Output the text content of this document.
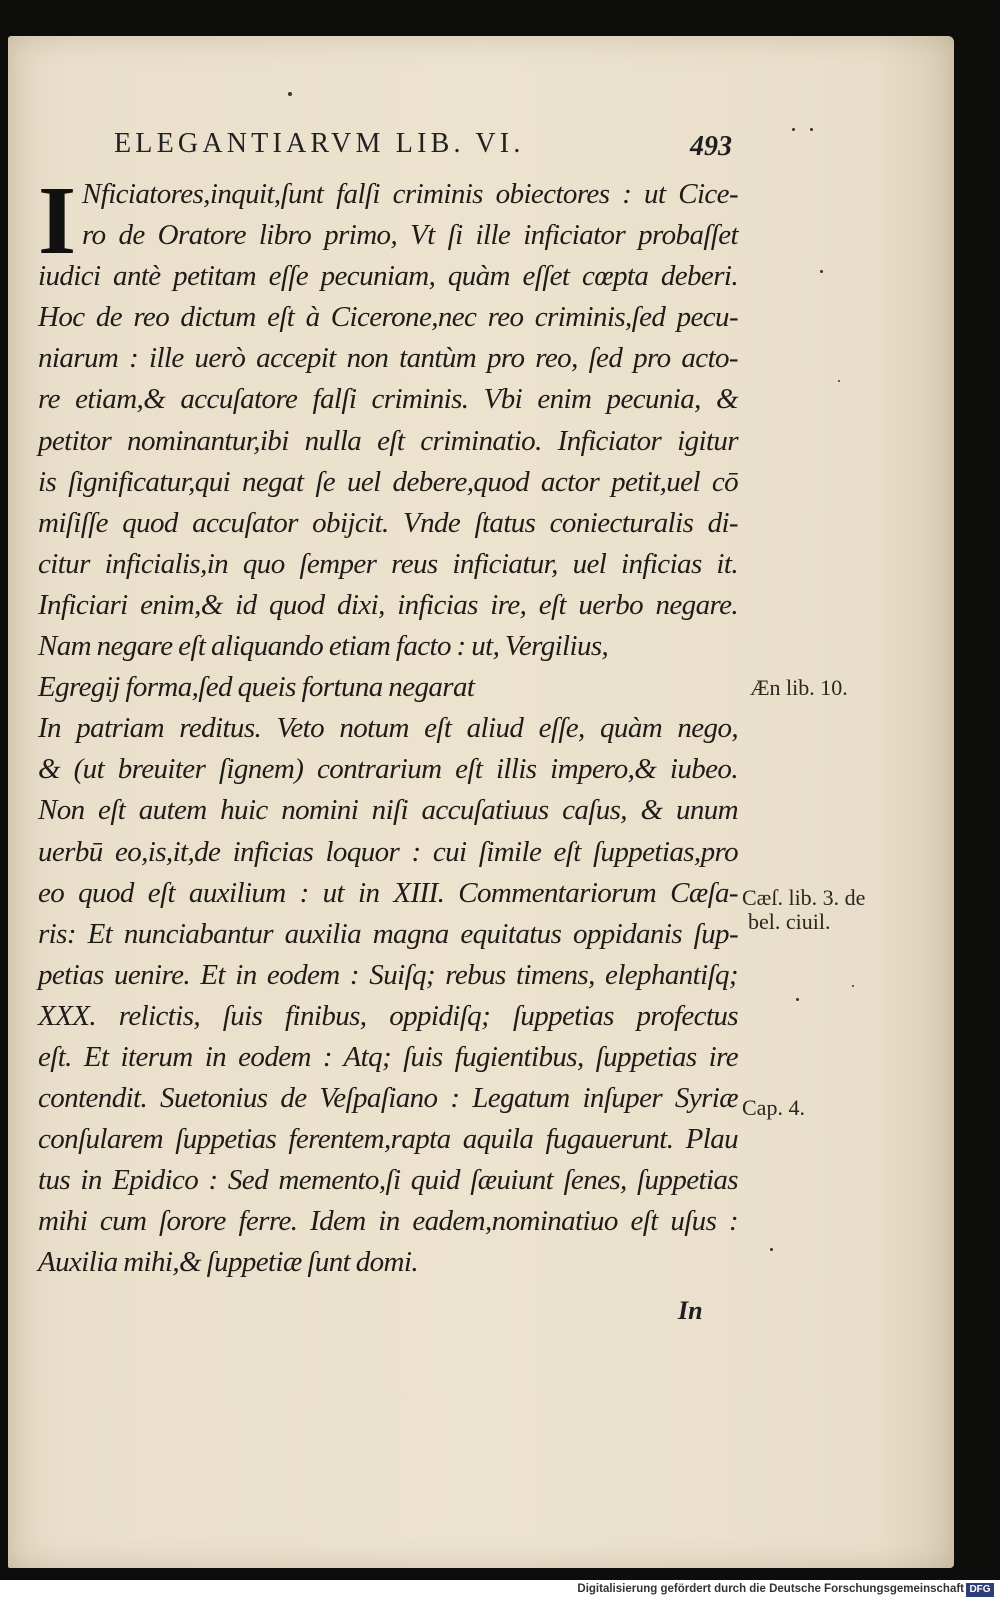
ELEGANTIARVM LIB. VI.	493
I Nficiatores,inquit,ſunt falſi criminis obiectores : ut Cice-
ro de Oratore libro primo, Vt ſi ille inficiator probaſſet
iudici antè petitam eſſe pecuniam, quàm eſſet cœpta deberi.
Hoc de reo dictum eſt à Cicerone,nec reo criminis,ſed pecu-
niarum : ille uerò accepit non tantùm pro reo, ſed pro acto-
re etiam,& accuſatore falſi criminis. Vbi enim pecunia, &
petitor nominantur,ibi nulla eſt criminatio. Inficiator igitur
is ſignificatur,qui negat ſe uel debere,quod actor petit,uel cō
miſiſſe quod accuſator obijcit. Vnde ſtatus coniecturalis di-
citur inficialis,in quo ſemper reus inficiatur, uel inficias it.
Inficiari enim,& id quod dixi, inficias ire, eſt uerbo negare.
Nam negare eſt aliquando etiam facto : ut, Vergilius,
Egregij forma,ſed queis fortuna negarat
In patriam reditus. Veto notum eſt aliud eſſe, quàm nego,
& (ut breuiter ſignem) contrarium eſt illis impero,& iubeo.
Non eſt autem huic nomini niſi accuſatiuus caſus, & unum
uerbū eo,is,it,de inficias loquor : cui ſimile eſt ſuppetias,pro
eo quod eſt auxilium : ut in XIII. Commentariorum Cæſa-
ris: Et nunciabantur auxilia magna equitatus oppidanis ſup-
petias uenire. Et in eodem : Suiſq; rebus timens, elephantiſq;
XXX. relictis, ſuis finibus, oppidiſq; ſuppetias profectus
eſt. Et iterum in eodem : Atq; ſuis fugientibus, ſuppetias ire
contendit. Suetonius de Veſpaſiano : Legatum inſuper Syriæ
conſularem ſuppetias ferentem,rapta aquila fugauerunt. Plau
tus in Epidico : Sed memento,ſi quid ſæuiunt ſenes, ſuppetias
mihi cum ſorore ferre. Idem in eadem,nominatiuo eſt uſus :
Auxilia mihi,& ſuppetiæ ſunt domi.
Æn lib. 10.
Cæſ. lib. 3. de
bel. ciuil.
Cap. 4.
In
Digitalisierung gefördert durch die Deutsche Forschungsgemeinschaft DFG
